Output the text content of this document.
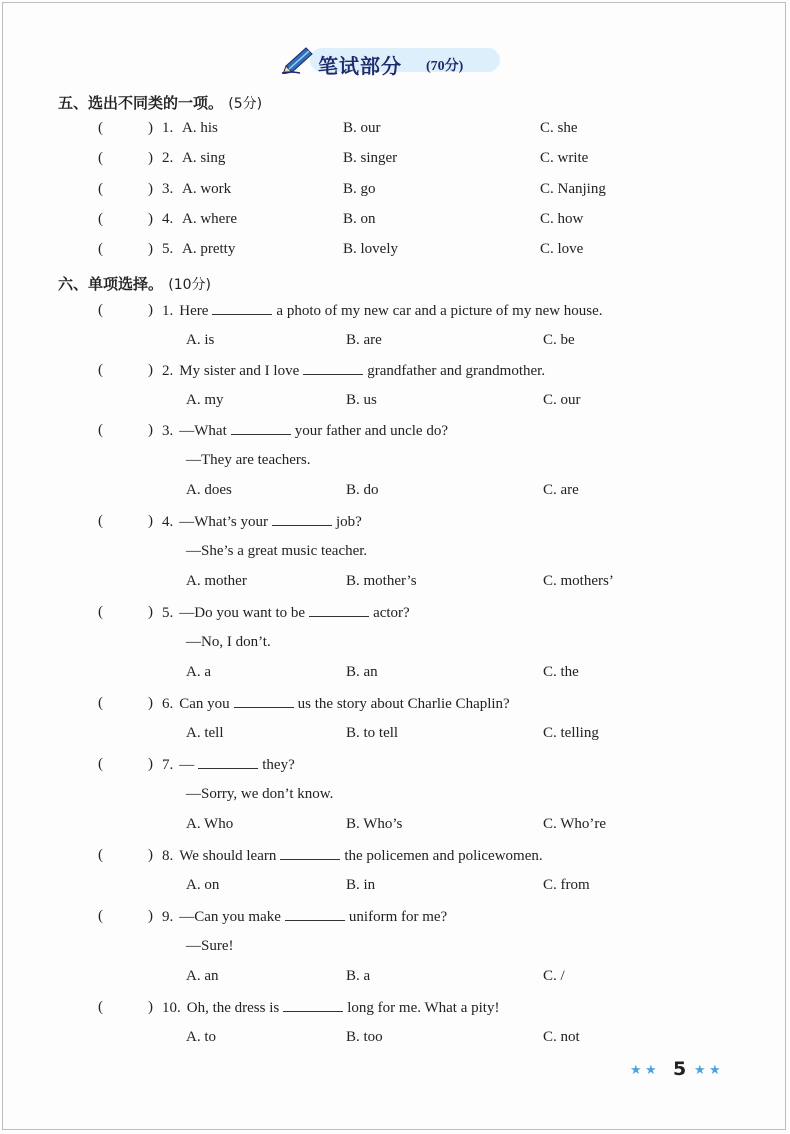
笔试部分 (70分)
五、选出不同类的一项。 (5分)
(	) 1. A. his	B. our	C. she
(	) 2. A. sing	B. singer	C. write
(	) 3. A. work	B. go	C. Nanjing
(	) 4. A. where	B. on	C. how
(	) 5. A. pretty	B. lovely	C. love
六、单项选择。 (10分)
(	) 1. Here	a photo of my new car and a picture of my new house.
A. is	B. are	C. be
(	) 2. My sister and I love	grandfather and grandmother.
A. my	B. us	C. our
(	) 3. —What	your father and uncle do?
—They are teachers.
A. does	B. do	C. are
(	) 4. —What’s your	job?
—She’s a great music teacher.
A. mother	B. mother’s	C. mothers’
(	) 5. —Do you want to be	actor?
—No, I don’t.
A. a	B. an	C. the
(	) 6. Can you	us the story about Charlie Chaplin?
A. tell	B. to tell	C. telling
(	) 7. —	they?
—Sorry, we don’t know.
A. Who	B. Who’s	C. Who’re
(	) 8. We should learn	the policemen and policewomen.
A. on	B. in	C. from
(	) 9. —Can you make	uniform for me?
—Sure!
A. an	B. a	C. /
(	) 10. Oh, the dress is	long for me. What a pity!
A. to	B. too	C. not
★ ★ 5 ★ ★
